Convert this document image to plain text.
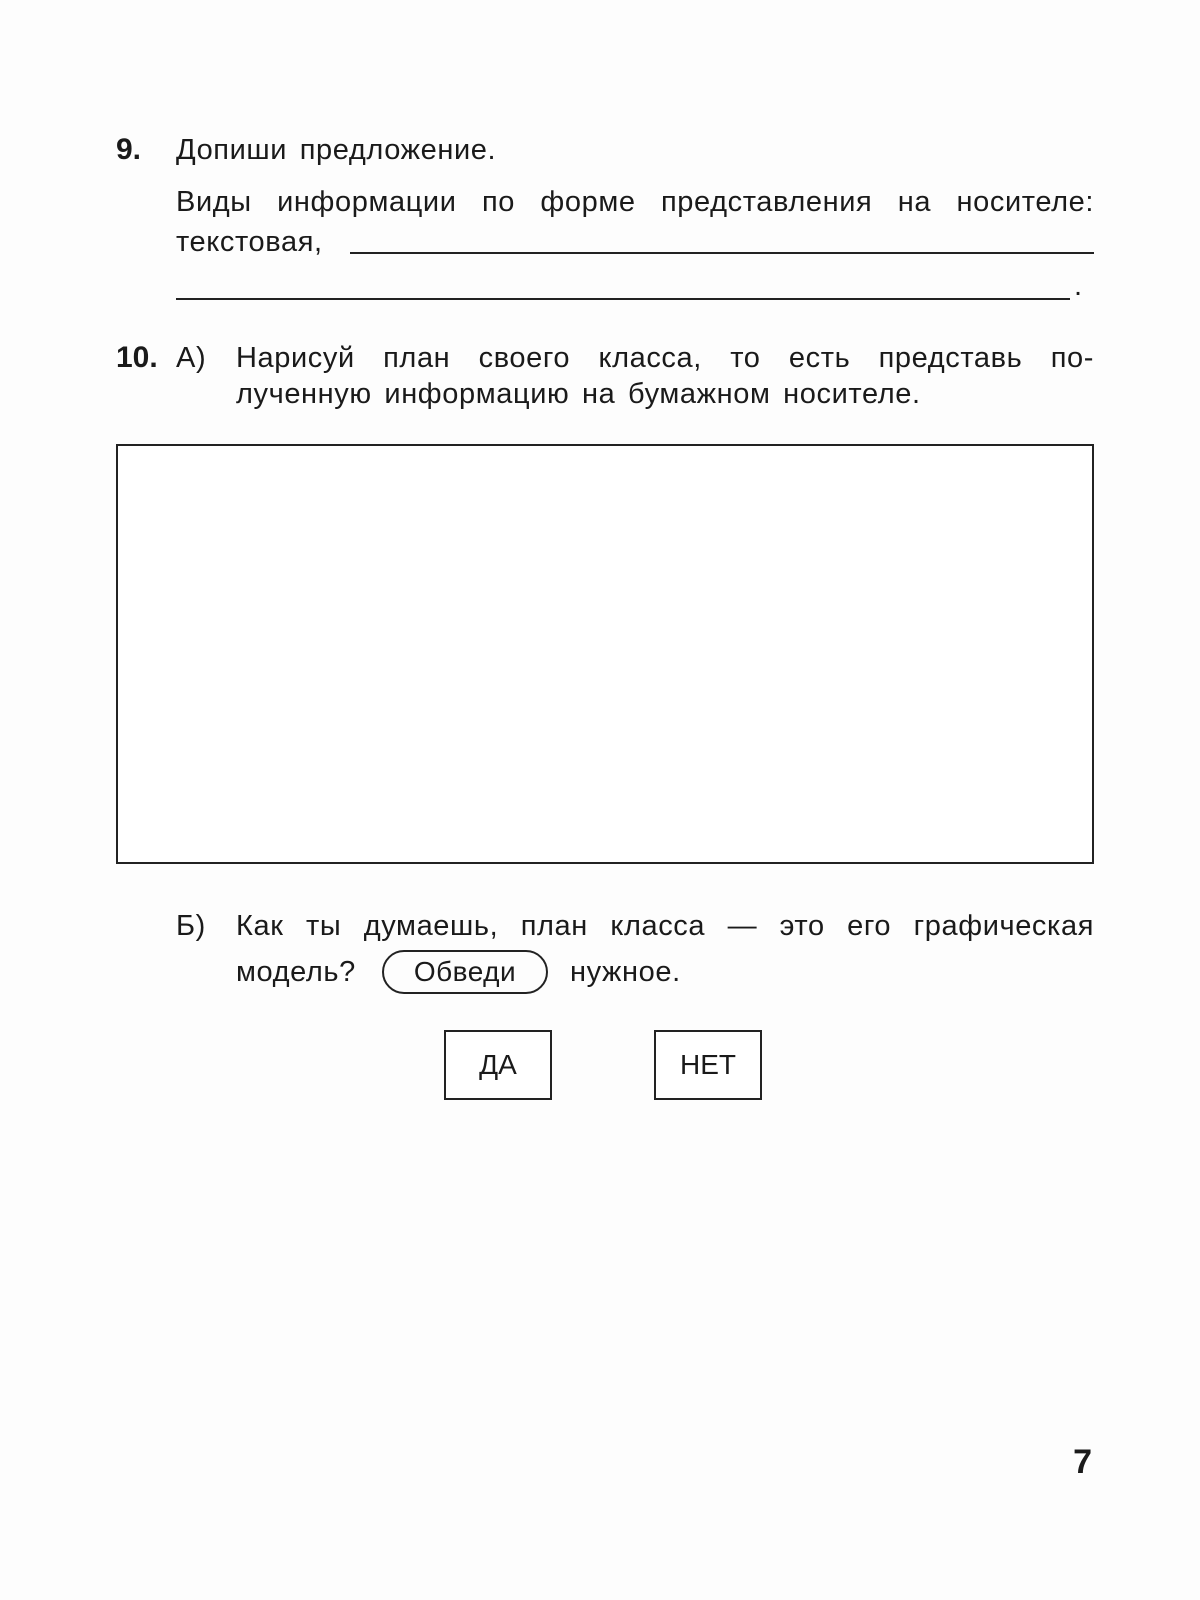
9. Допиши предложение.
Виды информации по форме представления на носителе:
текстовая,
.
10. А) Нарисуй план своего класса, то есть представь по-
лученную информацию на бумажном носителе.
Б) Как ты думаешь, план класса — это его графическая
модель?	Обведи	нужное.
ДА	НЕТ
7
